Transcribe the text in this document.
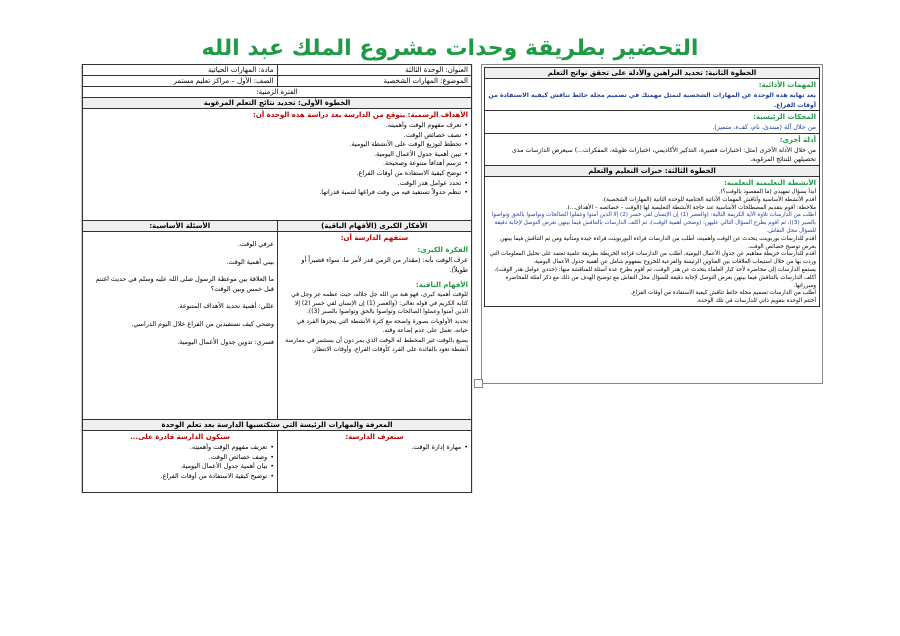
التحضير بطريقة وحدات مشروع الملك عبد الله
العنوان: الوحدة الثالثة
مادة: المهارات الحياتية
الموضوع: المهارات الشخصية
الصف: الأول – مراكز تعليم مستمر
الفترة الزمنية:
الخطوة الأولى: تحديد نتائج التعلم المرغوبة
الأهداف الرسمية: يتوقع من الدارسة بعد دراسة هذه الوحدة أن:
• تعرف مفهوم الوقت وأهميته.
• تصف خصائص الوقت.
• تخطط لتوزيع الوقت على الأنشطة اليومية.
• تبين أهمية جدول الأعمال اليومية.
• ترسم أهدافاً متنوعة وصحيحة.
• توضح كيفية الاستفادة من أوقات الفراغ.
• تحدد عوامل هدر الوقت.
• تنظم جدولاً تستفيد فيه من وقت فراغها لتنمية قدراتها.
الأفكار الكبرى (الأفهام الباقية)
الأسئلة الأساسية:
ستفهم الدارسة أن:
الفكرة الكبرى:
عرف الوقت بأنه: (مقدار من الزمن قدر لأمر ما، سواء قصيراً أو طويلاً).
الأفهام الباقية:
للوقت أهمية كبرى، فهو هبة من الله جل جلاله، حيث عظمه عز وجل في كتابه الكريم في قوله تعالى: (والعصر (1) إن الإنسان لفي خسر (2) إلا الذين آمنوا وعملوا الصالحات وتواصوا بالحق وتواصوا بالصبر (3)).
تحديد الأولويات بصورة واضحة مع كثرة الأنشطة التي ينجزها الفرد في حياته، تعمل على عدم إضاعة وقته.
يضيع بالوقت غير المخطط له الوقت الذي يمر دون أن يستثمر في ممارسة أنشطة تعود بالفائدة على الفرد كأوقات الفراغ، وأوقات الانتظار.
عرفي الوقت.
بيني أهمية الوقت.
ما العلاقة بين موعظة الرسول صلى الله عليه وسلم في حديث اغتنم قبل خمس وبين الوقت؟
عللي: أهمية تحديد الأهداف المتنوعة.
وضحي كيف تستفيدين من الفراغ خلال اليوم الدراسي.
فسري: تدوين جدول الأعمال اليومية.
المعرفة والمهارات الرئيسة التي ستكتسبها الدارسة بعد تعلم الوحدة
ستعرف الدارسة:
• مهارة إدارة الوقت.
ستكون الدارسة قادرة على...
• تعريف مفهوم الوقت وأهميته.
• وصف خصائص الوقت.
• بيان أهمية جدول الأعمال اليومية.
• توضيح كيفية الاستفادة من أوقات الفراغ.
الخطوة الثانية: تحديد البراهين والأدلة على تحقق نواتج التعلم
المهمات الأدائية:
بعد نهاية هذه الوحدة عن المهارات الشخصية لتمثل مهمتك في تصميم مجلة حائط تناقش كيفية الاستفادة من أوقات الفراغ.
المحكات الرئيسية:
من خلال آلة (مبتدئ، نام، كفء، متميز).
أدلة أخرى:
من خلال الأدلة الأخرى (مثل: اختبارات قصيرة، التذكير الأكاديمي، اختبارات طويلة، المفكرات...) سيعرض الدارسات مدى تحصيلهن للنتائج المرغوبة.
الخطوة الثالثة: خبرات التعليم والتعلم
الأنشطة التعليمية التعلمية:
أبدأ بسؤال تمهيدي (ما المقصود بالوقت؟).
أقدم الأنشطة الأساسية وأناقش المهمات الأدائية الختامية للوحدة الثانية (المهارات الشخصية).
ملاحظة: أقوم بتقديم المصطلحات الأساسية عند حاجة الأنشطة التعليمية لها (الوقت – خصائصه – الأهداف...).
أطلب من الدارسات تلاوة الآية الكريمة التالية: (والعصر (1) إن الإنسان لفي خسر (2) إلا الذين آمنوا وعملوا الصالحات وتواصوا بالحق وتواصوا بالصبر (3))، ثم أقوم بطرح السؤال التالي عليهن: (وضحي أهمية الوقت)، ثم أكلف الدارسات بالتناقش فيما بينهن بغرض التوصل لإجابة دقيقة للسؤال محل النقاش.
أقدم للدارسات بوربوينت يتحدث عن الوقت وأهميته، أطلب من الدارسات قراءة البوربوينت قراءة جيدة ومتأنية ومن ثم التناقش فيما بينهن بغرض توضيح خصائص الوقت.
أقدم للدارسات خريطة مفاهيم عن جدول الأعمال اليومية، أطلب من الدارسات قراءة الخريطة بطريقة علمية تعتمد على تحليل المعلومات التي وردت بها من خلال استيعاب العلاقات بين العناوين الرئيسة والفرعية للخروج بمفهوم شامل عن أهمية جدول الأعمال اليومية.
يستمع الدارسات إلى محاضرة لأحد كبار العلماء يتحدث عن هدر الوقت، ثم أقوم بطرح عدة أسئلة للمناقشة منها: (حددي عوامل هدر الوقت)، أكلف الدارسات بالتناقش فيما بينهن بغرض التوصل لإجابة دقيقة للسؤال محل النقاش مع توضيح الهدف من ذلك مع ذكر أمثلة للمحاضرة ومبرراتها.
أطلب من الدارسات تصميم مجلة حائط تناقش كيفية الاستفادة من أوقات الفراغ.
أختتم الوحدة بتقويم ذاتي للدارسات في تلك الوحدة.
